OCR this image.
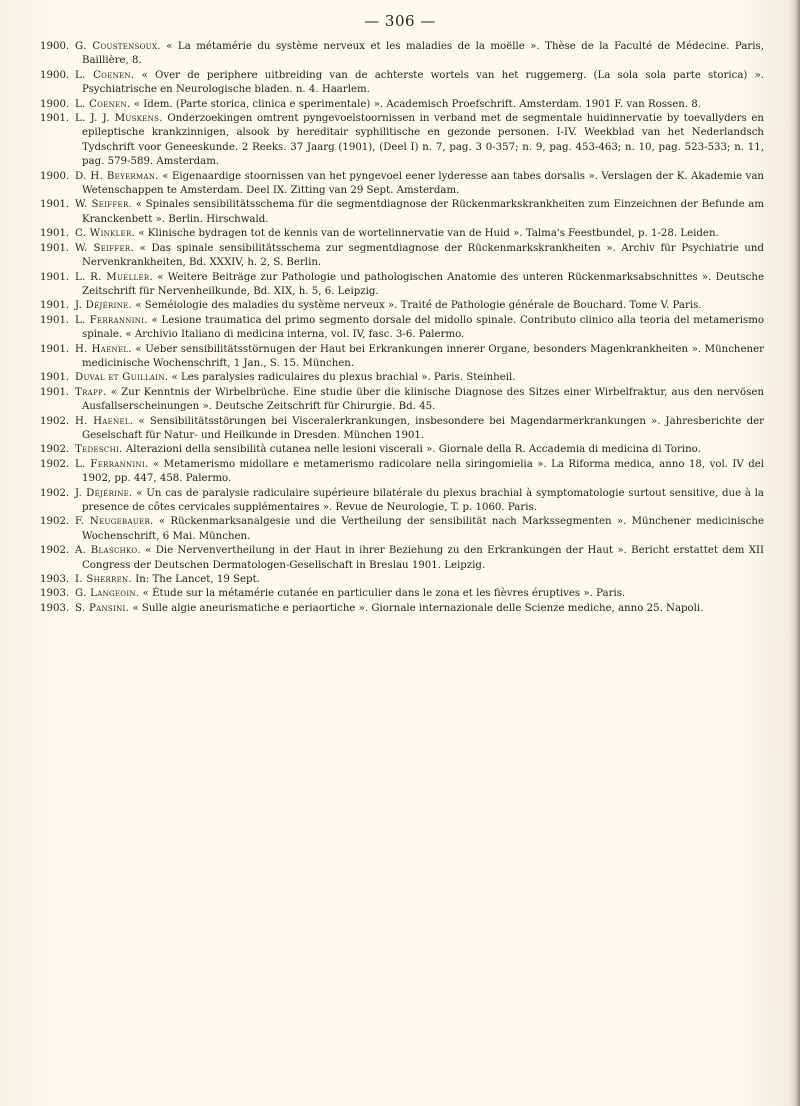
— 306 —

1900. G. Coustensoux. « La métamérie du système nerveux et les maladies de la moëlle ». Thèse de la Faculté de Médecine. Paris, Baillière, 8.

1900. L. Coenen. « Over de periphere uitbreiding van de achterste wortels van het ruggemerg. (La sola sola parte storica) ». Psychiatrische en Neurologische bladen. n. 4. Haarlem.

1900. L. Coenen. « Idem. (Parte storica, clinica e sperimentale) ». Academisch Proefschrift. Amsterdam. 1901 F. van Rossen. 8.

1901. L. J. J. Muskens. Onderzoekingen omtrent pyngevoelstoornissen in verband met de segmentale huidinnervatie by toevallyders en epileptische krankzinnigen, alsook by hereditair syphilitische en gezonde personen. I-IV. Weekblad van het Nederlandsch Tydschrift voor Geneeskunde. 2 Reeks. 37 Jaarg (1901), (Deel I) n. 7, pag. 3 0-357; n. 9, pag. 453-463; n. 10, pag. 523-533; n. 11, pag. 579-589. Amsterdam.

1900. D. H. Beyerman. « Eigenaardige stoornissen van het pyngevoel eener lyderesse aan tabes dorsalis ». Verslagen der K. Akademie van Wetenschappen te Amsterdam. Deel IX. Zitting van 29 Sept. Amsterdam.

1901. W. Seiffer. « Spinales sensibilitätsschema für die segmentdiagnose der Rückenmarkskrankheiten zum Einzeichnen der Befunde am Kranckenbett ». Berlin. Hirschwald.

1901. C. Winkler. « Klinische bydragen tot de kennis van de wortelinnervatie van de Huid ». Talma's Feestbundel, p. 1-28. Leiden.

1901. W. Seiffer. « Das spinale sensibilitätsschema zur segmentdiagnose der Rückenmarkskrankheiten ». Archiv für Psychiatrie und Nervenkrankheiten, Bd. XXXIV, h. 2, S. Berlin.

1901. L. R. Mueller. « Weitere Beiträge zur Pathologie und pathologischen Anatomie des unteren Rückenmarksabschnittes ». Deutsche Zeitschrift für Nervenheilkunde, Bd. XIX, h. 5, 6. Leipzig.

1901. J. Déjérine. « Seméiologie des maladies du système nerveux ». Traité de Pathologie générale de Bouchard. Tome V. Paris.

1901. L. Ferrannini. « Lesione traumatica del primo segmento dorsale del midollo spinale. Contributo clinico alla teoria del metamerismo spinale. « Archivio Italiano di medicina interna, vol. IV, fasc. 3-6. Palermo.

1901. H. Haenel. « Ueber sensibilitätsstörnugen der Haut bei Erkrankungen innerer Organe, besonders Magenkrankheiten ». Münchener medicinische Wochenschrift, 1 Jan., S. 15. München.

1901. Duval et Guillain. « Les paralysies radiculaires du plexus brachial ». Paris. Steinheil.

1901. Trapp. « Zur Kenntnis der Wirbelbrüche. Eine studie über die klinische Diagnose des Sitzes einer Wirbelfraktur, aus den nervösen Ausfallserscheinungen ». Deutsche Zeitschrift für Chirurgie. Bd. 45.

1902. H. Haenel. « Sensibilitätsstörungen bei Visceralerkrankungen, insbesondere bei Magendarmerkrankungen ». Jahresberichte der Geselschaft für Natur- und Heilkunde in Dresden. München 1901.

1902. Tedeschi. Alterazioni della sensibilità cutanea nelle lesioni viscerali ». Giornale della R. Accademia di medicina di Torino.

1902. L. Ferrannini. « Metamerismo midollare e metamerismo radicolare nella siringomielia ». La Riforma medica, anno 18, vol. IV del 1902, pp. 447, 458. Palermo.

1902. J. Déjérine. « Un cas de paralysie radiculaire supérieure bilatérale du plexus brachial à symptomatologie surtout sensitive, due à la presence de côtes cervicales supplémentaires ». Revue de Neurologie, T. p. 1060. Paris.

1902. F. Neugebauer. « Rückenmarksanalgesie und die Vertheilung der sensibilität nach Markssegmenten ». Münchener medicinische Wochenschrift, 6 Mai. München.

1902. A. Blaschko. « Die Nervenvertheilung in der Haut in ihrer Beziehung zu den Erkrankungen der Haut ». Bericht erstattet dem XII Congress der Deutschen Dermatologen-Gesellschaft in Breslau 1901. Leipzig.

1903. I. Sherren. In: The Lancet, 19 Sept.

1903. G. Langeoin. « Étude sur la métamérie cutanée en particulier dans le zona et les fièvres éruptives ». Paris.

1903. S. Pansini. « Sulle algie aneurismatiche e periaortiche ». Giornale internazionale delle Scienze mediche, anno 25. Napoli.
